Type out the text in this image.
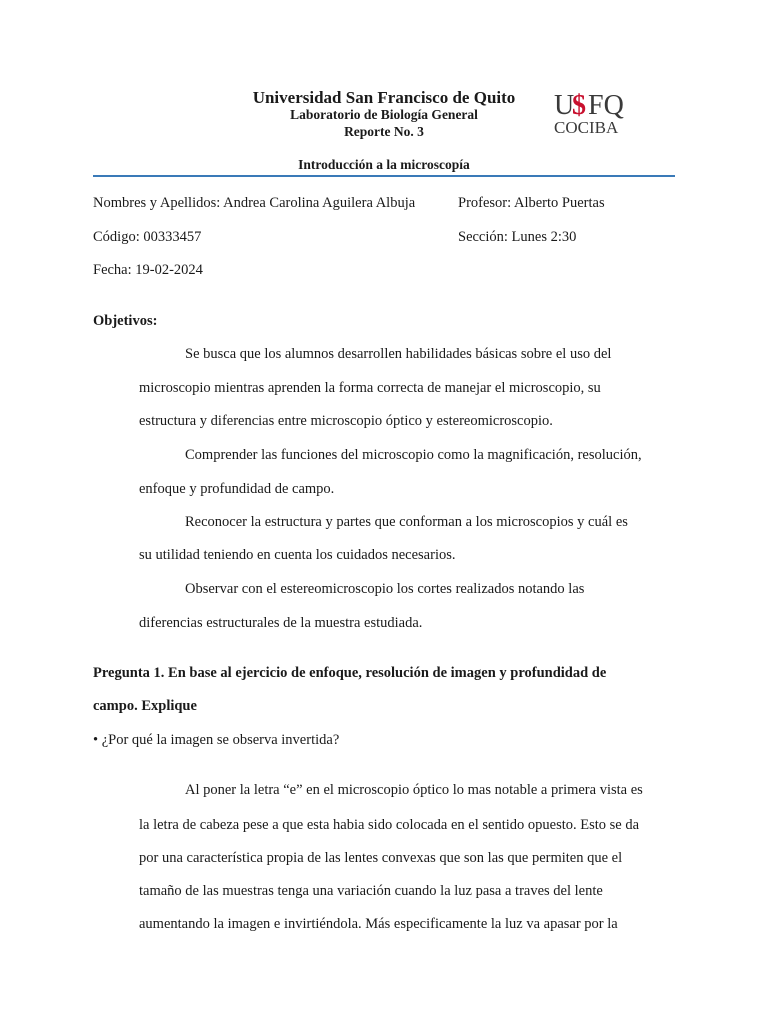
Universidad San Francisco de Quito
Laboratorio de Biología General
Reporte No. 3
U
$ FQ
COCIBA
Introducción a la microscopía
Nombres y Apellidos: Andrea Carolina Aguilera Albuja	Profesor: Alberto Puertas
Código: 00333457	Sección: Lunes 2:30
Fecha: 19-02-2024
Objetivos:
Se busca que los alumnos desarrollen habilidades básicas sobre el uso del
microscopio mientras aprenden la forma correcta de manejar el microscopio, su
estructura y diferencias entre microscopio óptico y estereomicroscopio.
Comprender las funciones del microscopio como la magnificación, resolución,
enfoque y profundidad de campo.
Reconocer la estructura y partes que conforman a los microscopios y cuál es
su utilidad teniendo en cuenta los cuidados necesarios.
Observar con el estereomicroscopio los cortes realizados notando las
diferencias estructurales de la muestra estudiada.
Pregunta 1. En base al ejercicio de enfoque, resolución de imagen y profundidad de
campo. Explique
• ¿Por qué la imagen se observa invertida?
Al poner la letra “e” en el microscopio óptico lo mas notable a primera vista es
la letra de cabeza pese a que esta habia sido colocada en el sentido opuesto. Esto se da
por una característica propia de las lentes convexas que son las que permiten que el
tamaño de las muestras tenga una variación cuando la luz pasa a traves del lente
aumentando la imagen e invirtiéndola. Más especificamente la luz va apasar por la
